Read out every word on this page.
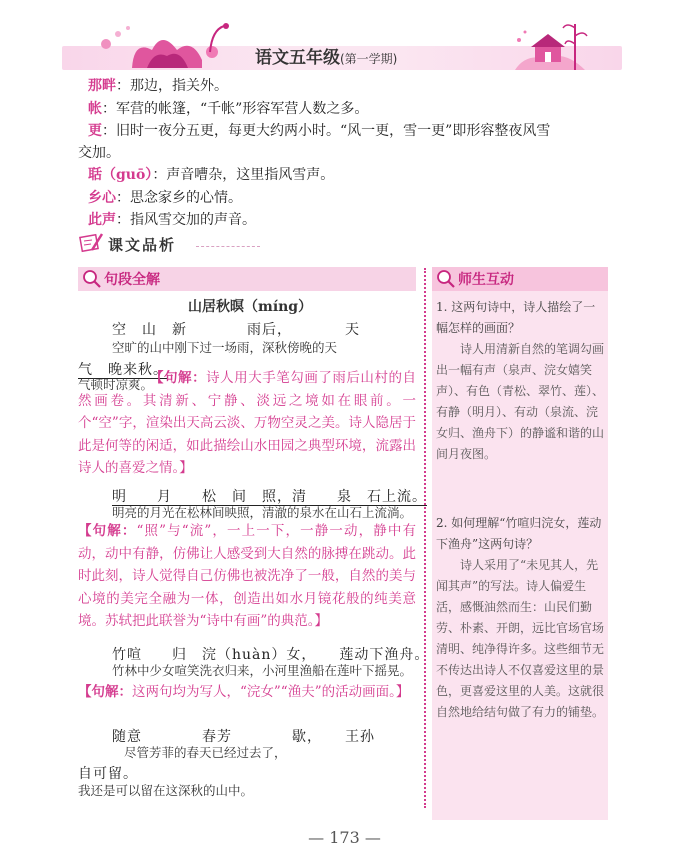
语文五年级(第一学期)
那畔：那边，指关外。
帐：军营的帐篷，“千帐”形容军营人数之多。
更：旧时一夜分五更，每更大约两小时。“风一更，雪一更”即形容整夜风雪
交加。
聒（guō）：声音嘈杂，这里指风雪声。
乡心：思念家乡的心情。
此声：指风雪交加的声音。
课文品析
句段全解
山居秋暝（míng）
空　山　新　　　　雨后，　　　　天
空旷的山中刚下过一场雨，深秋傍晚的天
气　晚来秋。
气顿时凉爽。
【句解：诗人用大手笔勾画了雨后山村的自然画卷。其清新、宁静、淡远之境如在眼前。一个“空”字，渲染出天高云淡、万物空灵之美。诗人隐居于此是何等的闲适，如此描绘山水田园之典型环境，流露出诗人的喜爱之情。】
明　　月　　松　间　照，清　　泉　石上流。
明亮的月光在松林间映照，清澈的泉水在山石上流淌。
【句解：“照”与“流”，一上一下，一静一动，静中有动，动中有静，仿佛让人感受到大自然的脉搏在跳动。此时此刻，诗人觉得自己仿佛也被洗净了一般，自然的美与心境的美完全融为一体，创造出如水月镜花般的纯美意境。苏轼把此联誉为“诗中有画”的典范。】
竹喧　　归　浣（huàn）女，　　莲动下渔舟。
竹林中少女喧笑洗衣归来，小河里渔船在莲叶下摇晃。
【句解：这两句均为写人，“浣女”“渔夫”的活动画面。】
随意　　　　春芳　　　　歇，　　王孙
尽管芳菲的春天已经过去了，
自可留。
我还是可以留在这深秋的山中。
师生互动
1. 这两句诗中，诗人描绘了一幅怎样的画面？
诗人用清新自然的笔调勾画出一幅有声（泉声、浣女嬉笑声）、有色（青松、翠竹、莲）、有静（明月）、有动（泉流、浣女归、渔舟下）的静谧和谐的山间月夜图。
2. 如何理解“竹喧归浣女，莲动下渔舟”这两句诗？
诗人采用了“未见其人，先闻其声”的写法。诗人偏爱生活，感慨油然而生：山民们勤劳、朴素、开朗，远比官场官场清明、纯净得许多。这些细节无不传达出诗人不仅喜爱这里的景色，更喜爱这里的人美。这就很自然地给结句做了有力的铺垫。
— 173 —
